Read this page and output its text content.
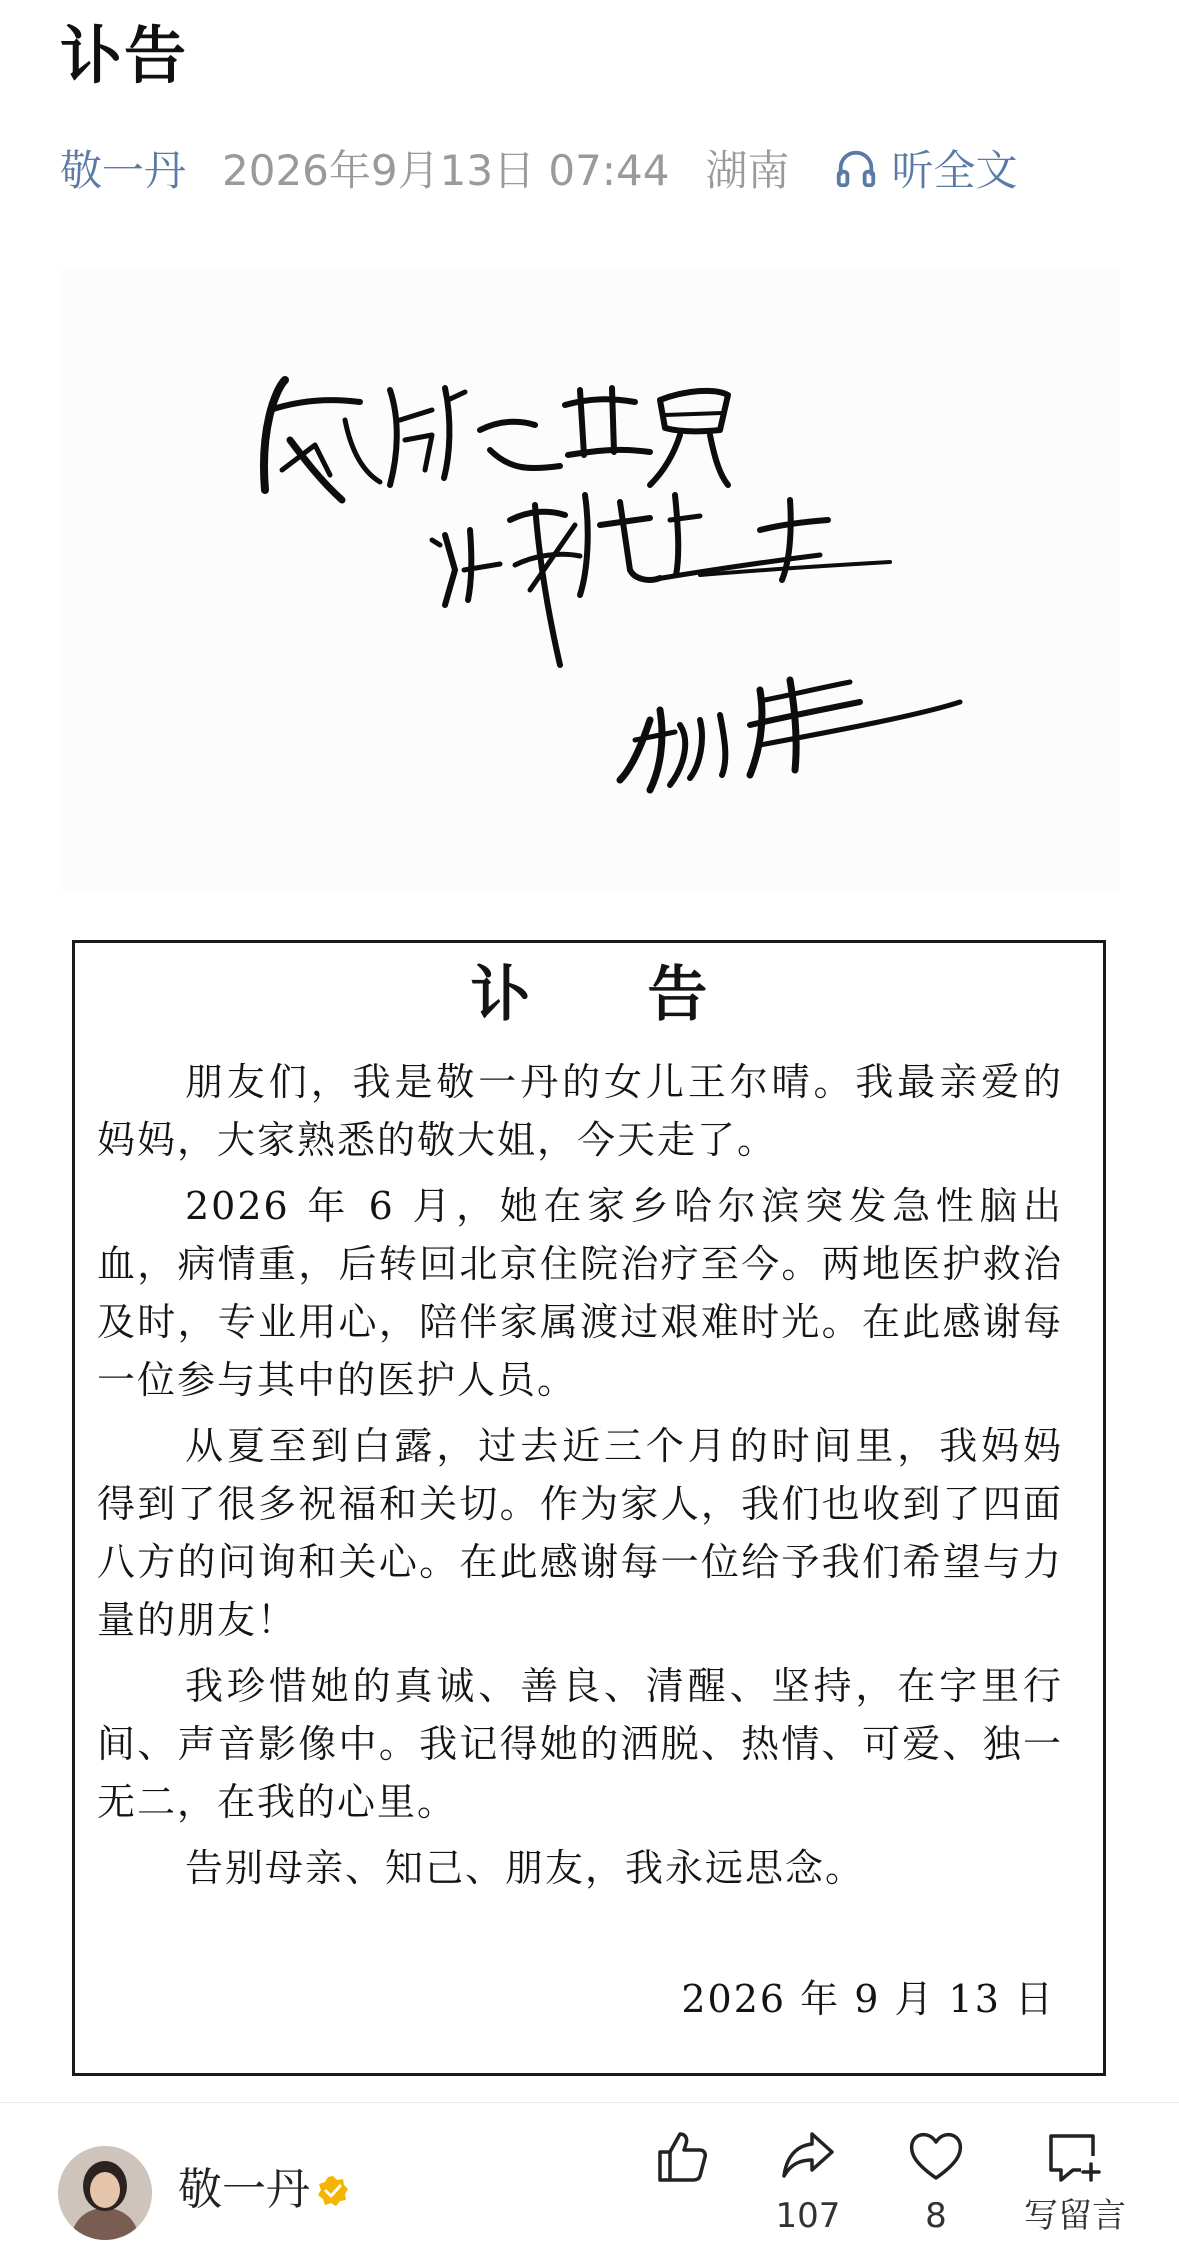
讣告
敬一丹 2026年9月13日 07:44 湖南 听全文
讣 告

朋友们，我是敬一丹的女儿王尔晴。我最亲爱的妈妈，大家熟悉的敬大姐，今天走了。

2026 年 6 月，她在家乡哈尔滨突发急性脑出血，病情重，后转回北京住院治疗至今。两地医护救治及时，专业用心，陪伴家属渡过艰难时光。在此感谢每一位参与其中的医护人员。

从夏至到白露，过去近三个月的时间里，我妈妈得到了很多祝福和关切。作为家人，我们也收到了四面八方的问询和关心。在此感谢每一位给予我们希望与力量的朋友！

我珍惜她的真诚、善良、清醒、坚持，在字里行间、声音影像中。我记得她的洒脱、热情、可爱、独一无二，在我的心里。

告别母亲、知己、朋友，我永远思念。

2026 年 9 月 13 日
敬一丹
107	8	写留言
